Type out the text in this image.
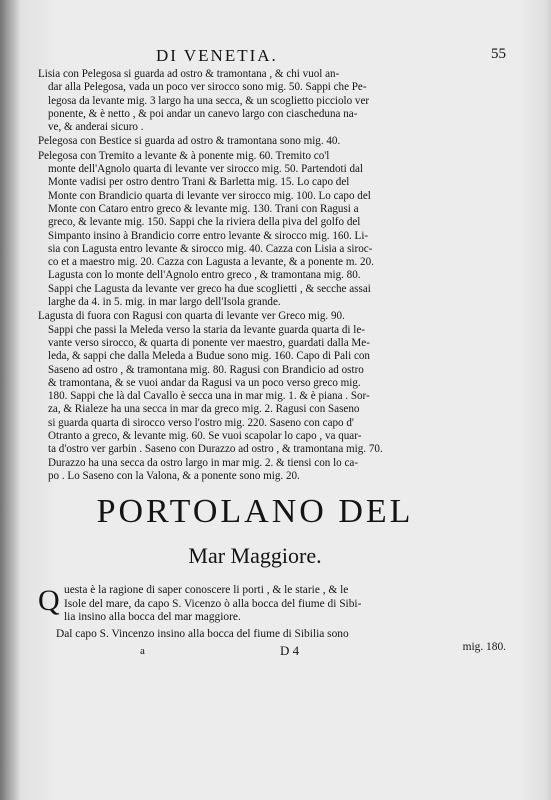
DI VENETIA.	55
Lisia con Pelegosa si guarda ad ostro & tramontana , & chi vuol an-
dar alla Pelegosa, vada un poco ver sirocco sono mig. 50. Sappi che Pe-
legosa da levante mig. 3 largo ha una secca, & un scoglietto picciolo ver
ponente, & è netto , & poi andar un canevo largo con ciascheduna na-
ve, & anderai sicuro .
Pelegosa con Bestice si guarda ad ostro & tramontana sono mig. 40.
Pelegosa con Tremito a levante & à ponente mig. 60. Tremito co'l
monte dell'Agnolo quarta di levante ver sirocco mig. 50. Partendoti dal
Monte vadisi per ostro dentro Trani & Barletta mig. 15. Lo capo del
Monte con Brandicio quarta di levante ver sirocco mig. 100. Lo capo del
Monte con Cataro entro greco & levante mig. 130. Trani con Ragusi a
greco, & levante mig. 150. Sappi che la riviera della piva del golfo del
Simpanto insino à Brandicio corre entro levante & sirocco mig. 160. Li-
sia con Lagusta entro levante & sirocco mig. 40. Cazza con Lisia a siroc-
co et a maestro mig. 20. Cazza con Lagusta a levante, & a ponente m. 20.
Lagusta con lo monte dell'Agnolo entro greco , & tramontana mig. 80.
Sappi che Lagusta da levante ver greco ha due scoglietti , & secche assai
larghe da 4. in 5. mig. in mar largo dell'Isola grande.
Lagusta di fuora con Ragusi con quarta di levante ver Greco mig. 90.
Sappi che passi la Meleda verso la staria da levante guarda quarta di le-
vante verso sirocco, & quarta di ponente ver maestro, guardati dalla Me-
leda, & sappi che dalla Meleda a Budue sono mig. 160. Capo di Pali con
Saseno ad ostro , & tramontana mig. 80. Ragusi con Brandicio ad ostro
& tramontana, & se vuoi andar da Ragusi va un poco verso greco mig.
180. Sappi che là dal Cavallo è secca una in mar mig. 1. & è piana . Sor-
za, & Rialeze ha una secca in mar da greco mig. 2. Ragusi con Saseno
si guarda quarta di sirocco verso l'ostro mig. 220. Saseno con capo d'
Otranto a greco, & levante mig. 60. Se vuoi scapolar lo capo , va quar-
ta d'ostro ver garbin . Saseno con Durazzo ad ostro , & tramontana mig. 70.
Durazzo ha una secca da ostro largo in mar mig. 2. & tiensi con lo ca-
po . Lo Saseno con la Valona, & a ponente sono mig. 20.
PORTOLANO DEL
Mar Maggiore.
Q uesta è la ragione di saper conoscere li porti , & le starie , & le
Isole del mare, da capo S. Vicenzo ò alla bocca del fiume di Sibi-
lia insino alla bocca del mar maggiore.
Dal capo S. Vincenzo insino alla bocca del fiume di Sibilia sono
mig. 180.
a	D 4
